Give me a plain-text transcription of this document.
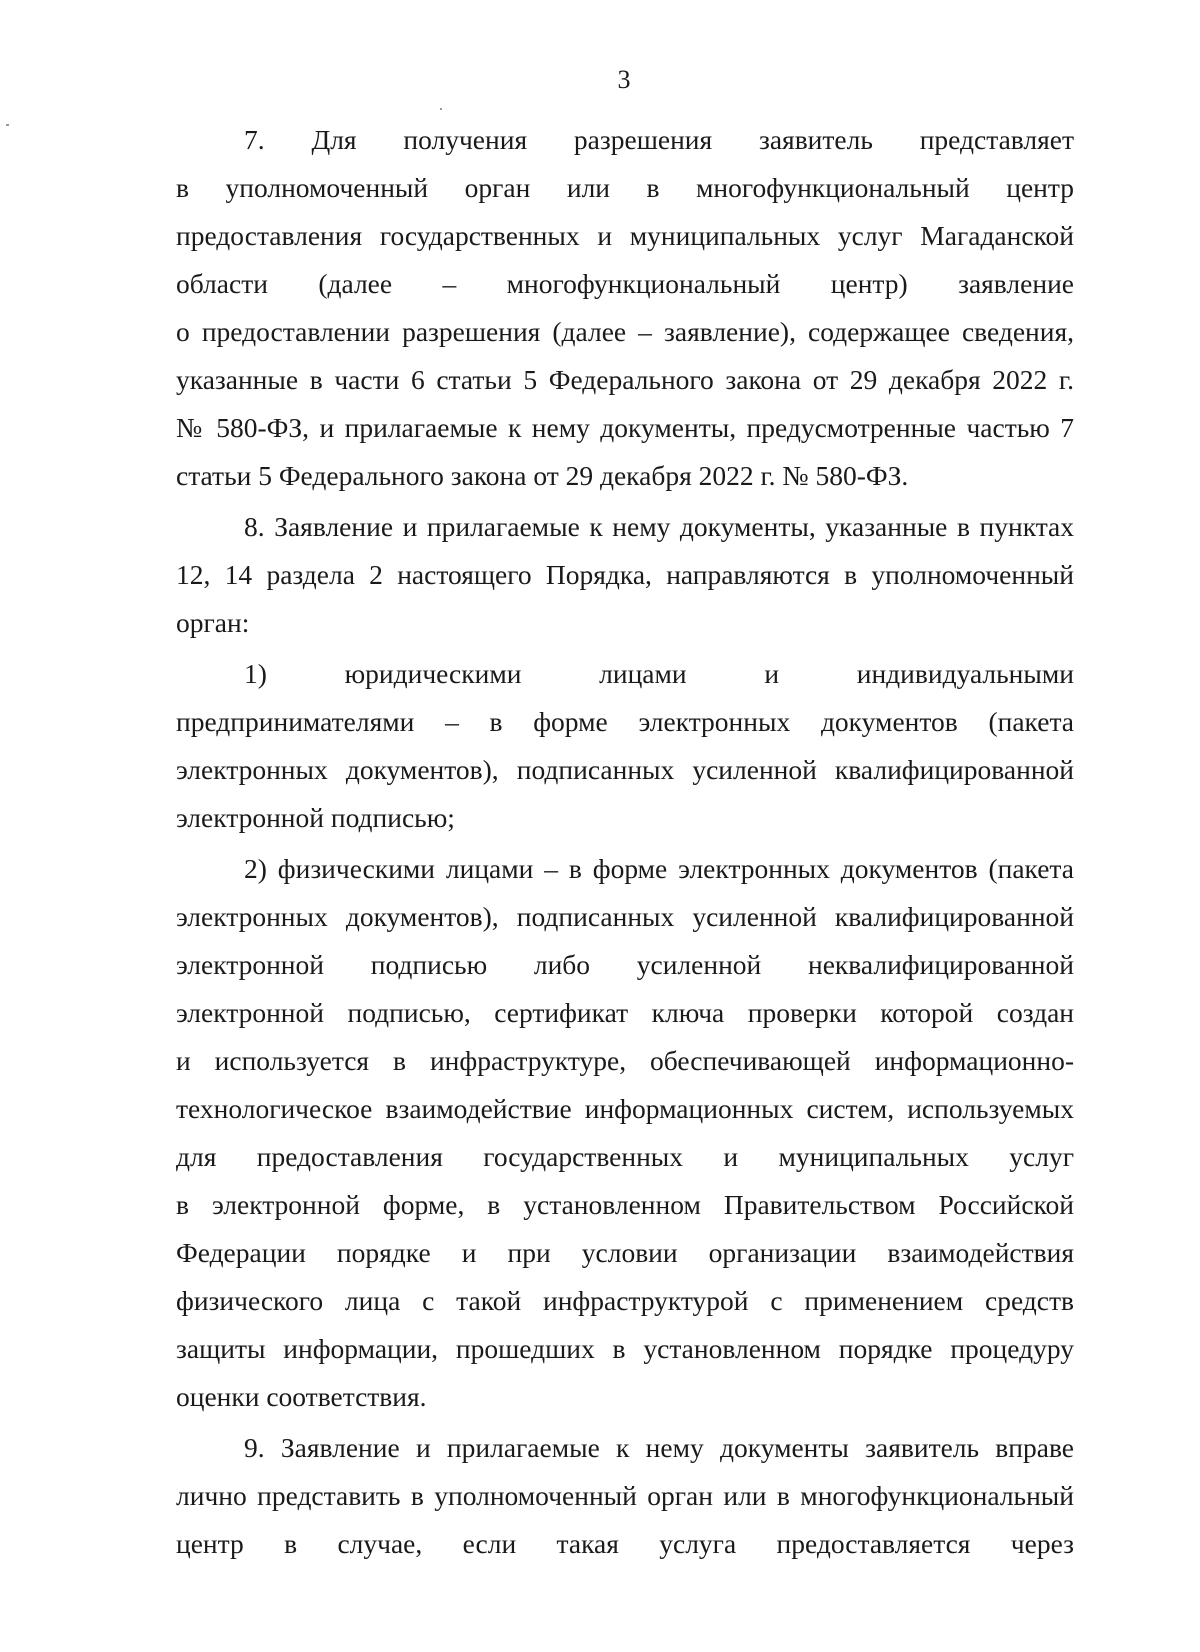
3
7. Для получения разрешения заявитель представляет
в уполномоченный орган или в многофункциональный центр
предоставления государственных и муниципальных услуг Магаданской
области (далее – многофункциональный центр) заявление
о предоставлении разрешения (далее – заявление), содержащее сведения,
указанные в части 6 статьи 5 Федерального закона от 29 декабря 2022 г.
№ 580-ФЗ, и прилагаемые к нему документы, предусмотренные частью 7
статьи 5 Федерального закона от 29 декабря 2022 г. № 580-ФЗ.
8. Заявление и прилагаемые к нему документы, указанные в пунктах
12, 14 раздела 2 настоящего Порядка, направляются в уполномоченный
орган:
1) юридическими лицами и индивидуальными
предпринимателями – в форме электронных документов (пакета
электронных документов), подписанных усиленной квалифицированной
электронной подписью;
2) физическими лицами – в форме электронных документов (пакета
электронных документов), подписанных усиленной квалифицированной
электронной подписью либо усиленной неквалифицированной
электронной подписью, сертификат ключа проверки которой создан
и используется в инфраструктуре, обеспечивающей информационно-
технологическое взаимодействие информационных систем, используемых
для предоставления государственных и муниципальных услуг
в электронной форме, в установленном Правительством Российской
Федерации порядке и при условии организации взаимодействия
физического лица с такой инфраструктурой с применением средств
защиты информации, прошедших в установленном порядке процедуру
оценки соответствия.
9. Заявление и прилагаемые к нему документы заявитель вправе
лично представить в уполномоченный орган или в многофункциональный
центр в случае, если такая услуга предоставляется через
